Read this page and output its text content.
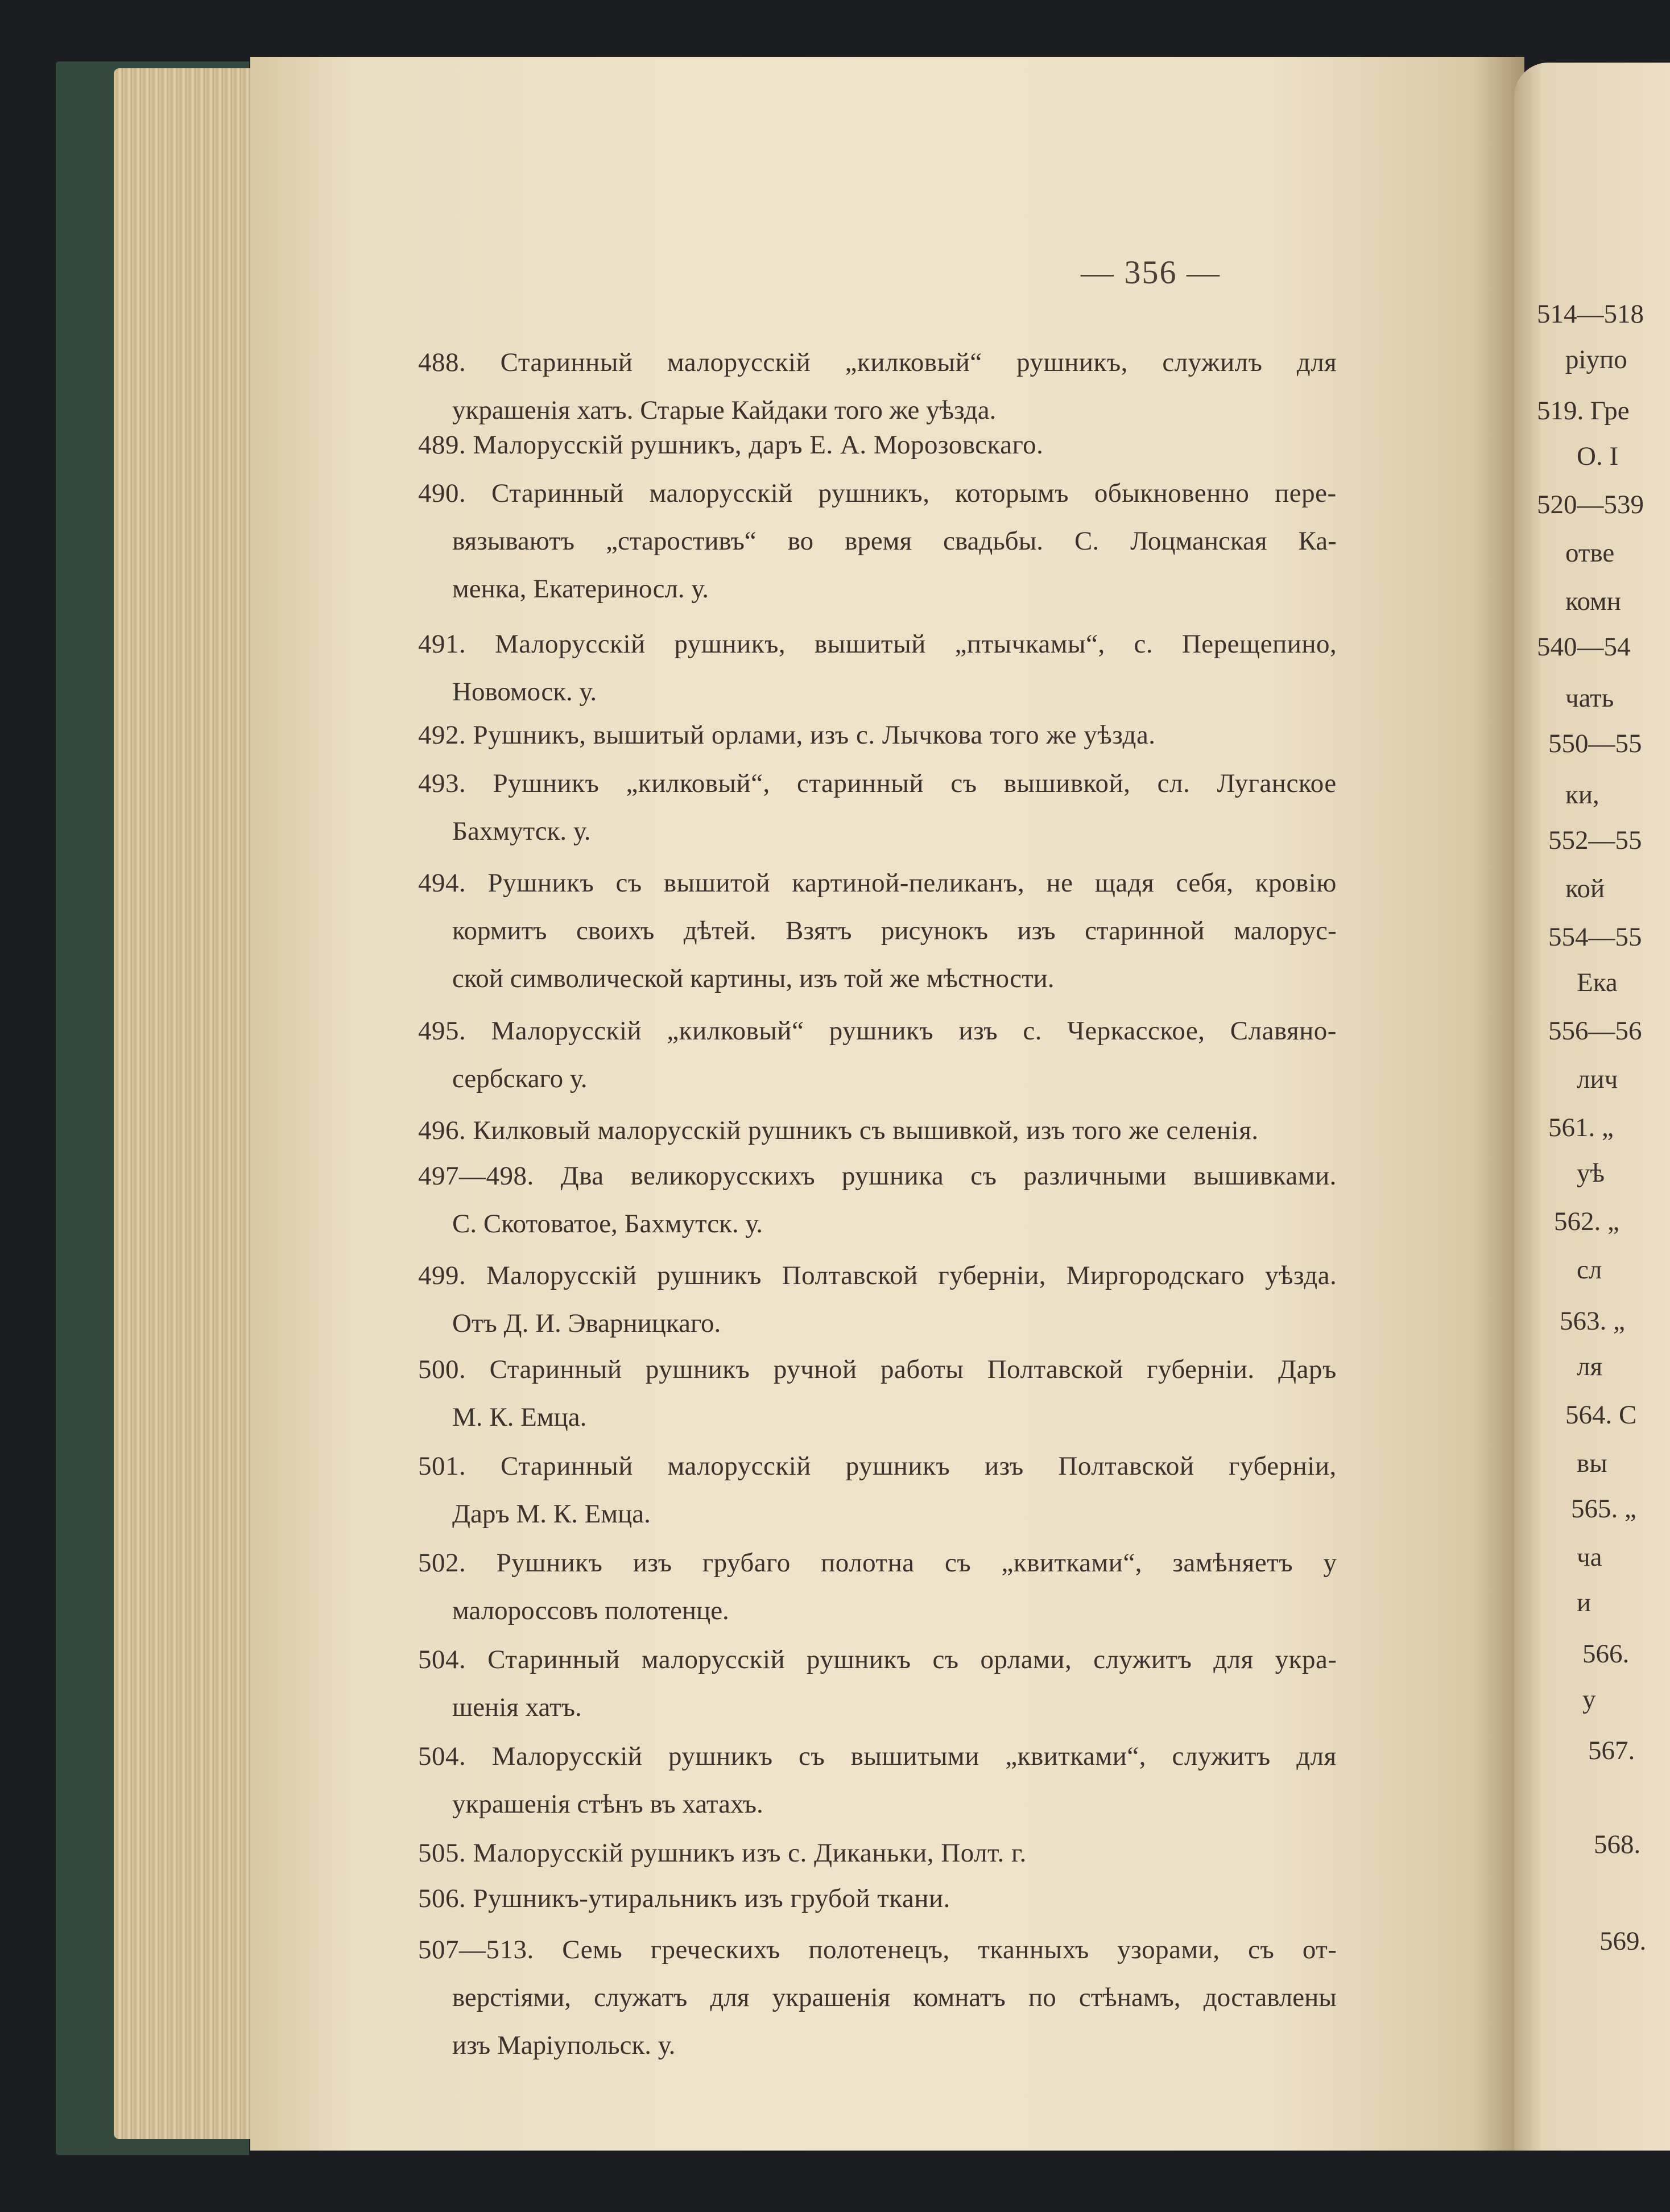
— 356 —
488. Старинный малорусскій „килковый“ рушникъ, служилъ для
украшенія хатъ. Старые Кайдаки того же уѣзда.
489. Малорусскій рушникъ, даръ Е. А. Морозовскаго.
490. Старинный малорусскій рушникъ, которымъ обыкновенно пере-
вязываютъ „старостивъ“ во время свадьбы. С. Лоцманская Ка-
менка, Екатериносл. у.
491. Малорусскій рушникъ, вышитый „птычкамы“, с. Перещепино,
Новомоск. у.
492. Рушникъ, вышитый орлами, изъ с. Лычкова того же уѣзда.
493. Рушникъ „килковый“, старинный съ вышивкой, сл. Луганское
Бахмутск. у.
494. Рушникъ съ вышитой картиной-пеликанъ, не щадя себя, кровію
кормитъ своихъ дѣтей. Взятъ рисунокъ изъ старинной малорус-
ской символической картины, изъ той же мѣстности.
495. Малорусскій „килковый“ рушникъ изъ с. Черкасское, Славяно-
сербскаго у.
496. Килковый малорусскій рушникъ съ вышивкой, изъ того же селенія.
497—498. Два великорусскихъ рушника съ различными вышивками.
С. Скотоватое, Бахмутск. у.
499. Малорусскій рушникъ Полтавской губерніи, Миргородскаго уѣзда.
Отъ Д. И. Эварницкаго.
500. Старинный рушникъ ручной работы Полтавской губерніи. Даръ
М. К. Емца.
501. Старинный малорусскій рушникъ изъ Полтавской губерніи,
Даръ М. К. Емца.
502. Рушникъ изъ грубаго полотна съ „квитками“, замѣняетъ у
малороссовъ полотенце.
504. Старинный малорусскій рушникъ съ орлами, служитъ для укра-
шенія хатъ.
504. Малорусскій рушникъ съ вышитыми „квитками“, служитъ для
украшенія стѣнъ въ хатахъ.
505. Малорусскій рушникъ изъ с. Диканьки, Полт. г.
506. Рушникъ-утиральникъ изъ грубой ткани.
507—513. Семь греческихъ полотенецъ, тканныхъ узорами, съ от-
верстіями, служатъ для украшенія комнатъ по стѣнамъ, доставлены
изъ Маріупольск. у.
514—518
ріупо
519. Гре
О. І
520—539
отве
комн
540—54
чать
550—55
ки,
552—55
кой
554—55
Ека
556—56
лич
561. „
уѣ
562. „
сл
563. „
ля
564. С
вы
565. „
ча
и
566.
у
567.
568.
569.
